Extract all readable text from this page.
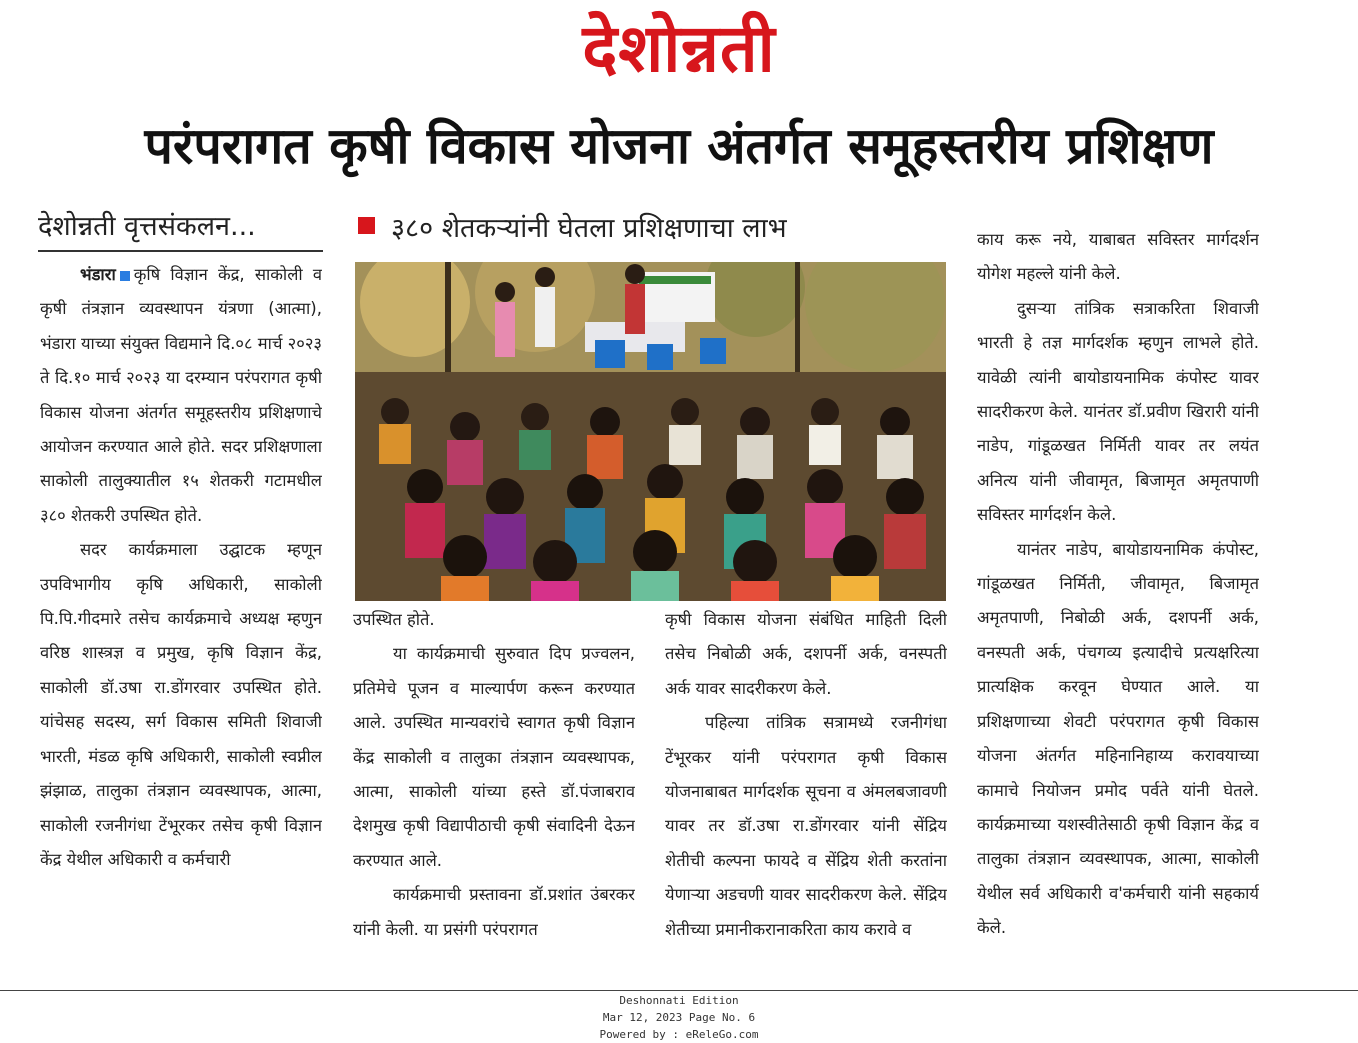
देशोन्नती
परंपरागत कृषी विकास योजना अंतर्गत समूहस्तरीय प्रशिक्षण
देशोन्नती वृत्तसंकलन...	३८० शेतकऱ्यांनी घेतला प्रशिक्षणाचा लाभ

भंडारा कृषि विज्ञान केंद्र, साकोली व कृषी तंत्रज्ञान व्यवस्थापन यंत्रणा (आत्मा), भंडारा याच्या संयुक्त विद्यमाने दि.०८ मार्च २०२३ ते दि.१० मार्च २०२३ या दरम्यान परंपरागत कृषी विकास योजना अंतर्गत समूहस्तरीय प्रशिक्षणाचे आयोजन करण्यात आले होते. सदर प्रशिक्षणाला साकोली तालुक्यातील १५ शेतकरी गटामधील ३८० शेतकरी उपस्थित होते.

सदर कार्यक्रमाला उद्घाटक म्हणून उपविभागीय कृषि अधिकारी, साकोली पि.पि.गीदमारे तसेच कार्यक्रमाचे अध्यक्ष म्हणुन वरिष्ठ शास्त्रज्ञ व प्रमुख, कृषि विज्ञान केंद्र, साकोली डॉ.उषा रा.डोंगरवार उपस्थित होते. यांचेसह सदस्य, सर्ग विकास समिती शिवाजी भारती, मंडळ कृषि अधिकारी, साकोली स्वप्नील झंझाळ, तालुका तंत्रज्ञान व्यवस्थापक, आत्मा, साकोली रजनीगंधा टेंभूरकर तसेच कृषी विज्ञान केंद्र येथील अधिकारी व कर्मचारी

उपस्थित होते.

या कार्यक्रमाची सुरुवात दिप प्रज्वलन, प्रतिमेचे पूजन व माल्यार्पण करून करण्यात आले. उपस्थित मान्यवरांचे स्वागत कृषी विज्ञान केंद्र साकोली व तालुका तंत्रज्ञान व्यवस्थापक, आत्मा, साकोली यांच्या हस्ते डॉ.पंजाबराव देशमुख कृषी विद्यापीठाची कृषी संवादिनी देऊन करण्यात आले.

कार्यक्रमाची प्रस्तावना डॉ.प्रशांत उंबरकर यांनी केली. या प्रसंगी परंपरागत

कृषी विकास योजना संबंधित माहिती दिली तसेच निबोळी अर्क, दशपर्नी अर्क, वनस्पती अर्क यावर सादरीकरण केले.

पहिल्या तांत्रिक सत्रामध्ये रजनीगंधा टेंभूरकर यांनी परंपरागत कृषी विकास योजनाबाबत मार्गदर्शक सूचना व अंमलबजावणी यावर तर डॉ.उषा रा.डोंगरवार यांनी सेंद्रिय शेतीची कल्पना फायदे व सेंद्रिय शेती करतांना येणाऱ्या अडचणी यावर सादरीकरण केले. सेंद्रिय शेतीच्या प्रमानीकरानाकरिता काय करावे व

काय करू नये, याबाबत सविस्तर मार्गदर्शन योगेश महल्ले यांनी केले.

दुसऱ्या तांत्रिक सत्राकरिता शिवाजी भारती हे तज्ञ मार्गदर्शक म्हणुन लाभले होते. यावेळी त्यांनी बायोडायनामिक कंपोस्ट यावर सादरीकरण केले. यानंतर डॉ.प्रवीण खिरारी यांनी नाडेप, गांडूळखत निर्मिती यावर तर लयंत अनित्य यांनी जीवामृत, बिजामृत अमृतपाणी सविस्तर मार्गदर्शन केले.

यानंतर नाडेप, बायोडायनामिक कंपोस्ट, गांडूळखत निर्मिती, जीवामृत, बिजामृत अमृतपाणी, निबोळी अर्क, दशपर्नी अर्क, वनस्पती अर्क, पंचगव्य इत्यादीचे प्रत्यक्षरित्या प्रात्यक्षिक करवून घेण्यात आले. या प्रशिक्षणाच्या शेवटी परंपरागत कृषी विकास योजना अंतर्गत महिनानिहाय्य करावयाच्या कामाचे नियोजन प्रमोद पर्वते यांनी घेतले. कार्यक्रमाच्या यशस्वीतेसाठी कृषी विज्ञान केंद्र व तालुका तंत्रज्ञान व्यवस्थापक, आत्मा, साकोली येथील सर्व अधिकारी व'कर्मचारी यांनी सहकार्य केले.

Deshonnati Edition
Mar 12, 2023 Page No. 6
Powered by : eReleGo.com
